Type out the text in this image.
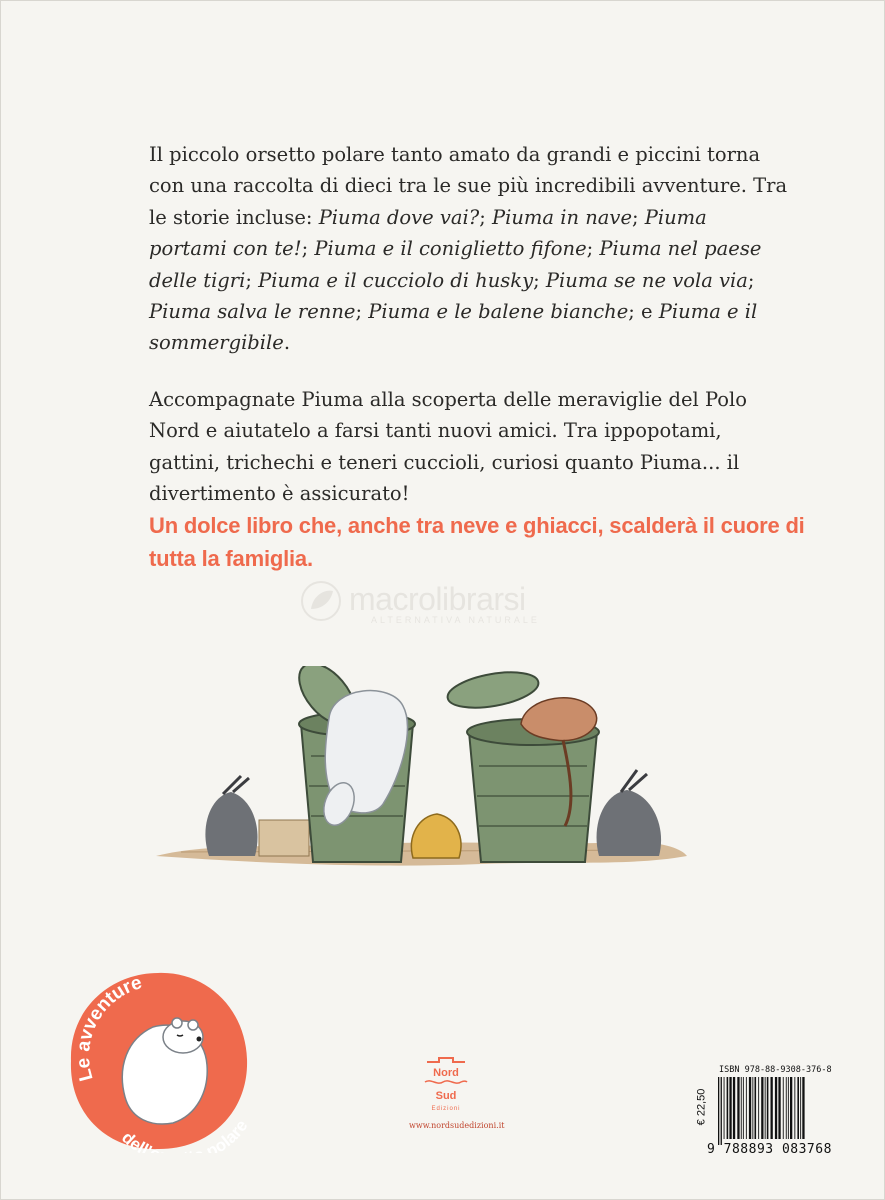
Il piccolo orsetto polare tanto amato da grandi e piccini torna con una raccolta di dieci tra le sue più incredibili avventure. Tra le storie incluse: Piuma dove vai?; Piuma in nave; Piuma portami con te!; Piuma e il coniglietto fifone; Piuma nel paese delle tigri; Piuma e il cucciolo di husky; Piuma se ne vola via; Piuma salva le renne; Piuma e le balene bianche; e Piuma e il sommergibile.

Accompagnate Piuma alla scoperta delle meraviglie del Polo Nord e aiutatelo a farsi tanti nuovi amici. Tra ippopotami, gattini, trichechi e teneri cuccioli, curiosi quanto Piuma... il divertimento è assicurato!

Un dolce libro che, anche tra neve e ghiacci, scalderà il cuore di tutta la famiglia.
macrolibrarsi
ALTERNATIVA NATURALE
Le avventure
dell' polare
Nord
Sud
Edizioni
www.nordsudedizioni.it
ISBN 978-88-9308-376-8
€ 22,50
9 788893 083768
